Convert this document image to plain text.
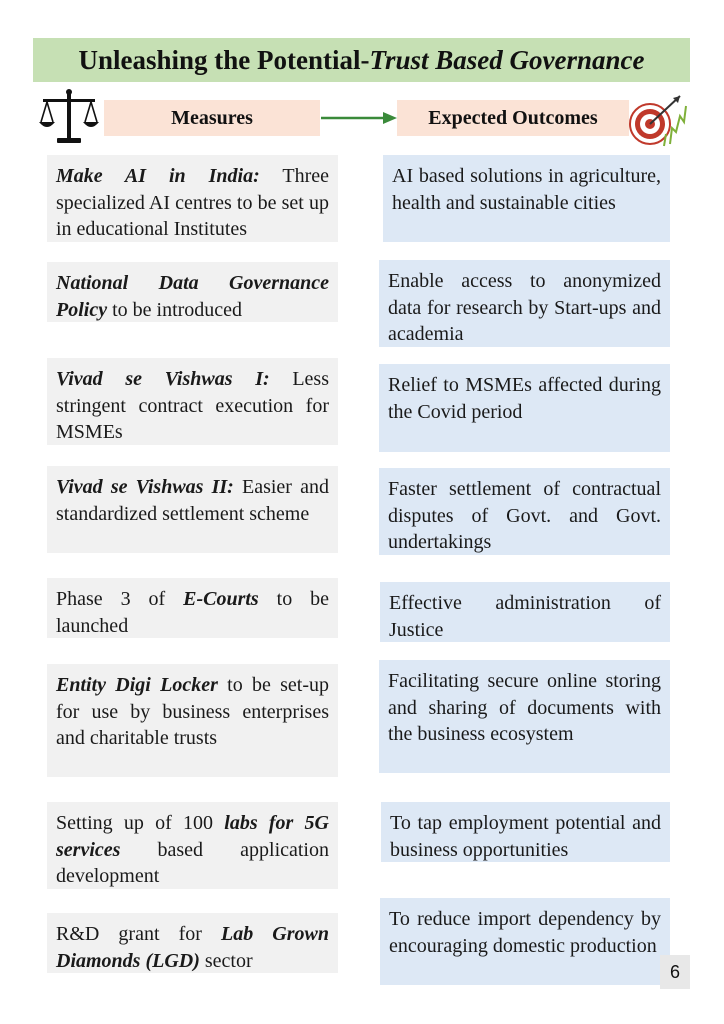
Unleashing the Potential- Trust Based Governance
Measures	Expected Outcomes
Make AI in India: Three specialized AI centres to be set up in educational Institutes
AI based solutions in agriculture, health and sustainable cities
National Data Governance Policy to be introduced
Enable access to anonymized data for research by Start-ups and academia
Vivad se Vishwas I: Less stringent contract execution for MSMEs
Relief to MSMEs affected during the Covid period
Vivad se Vishwas II: Easier and standardized settlement scheme
Faster settlement of contractual disputes of Govt. and Govt. undertakings
Phase 3 of E-Courts to be launched
Effective administration of Justice
Entity Digi Locker to be set-up for use by business enterprises and charitable trusts
Facilitating secure online storing and sharing of documents with the business ecosystem
Setting up of 100 labs for 5G services based application development
To tap employment potential and business opportunities
R&D grant for Lab Grown Diamonds (LGD) sector
To reduce import dependency by encouraging domestic production
6
